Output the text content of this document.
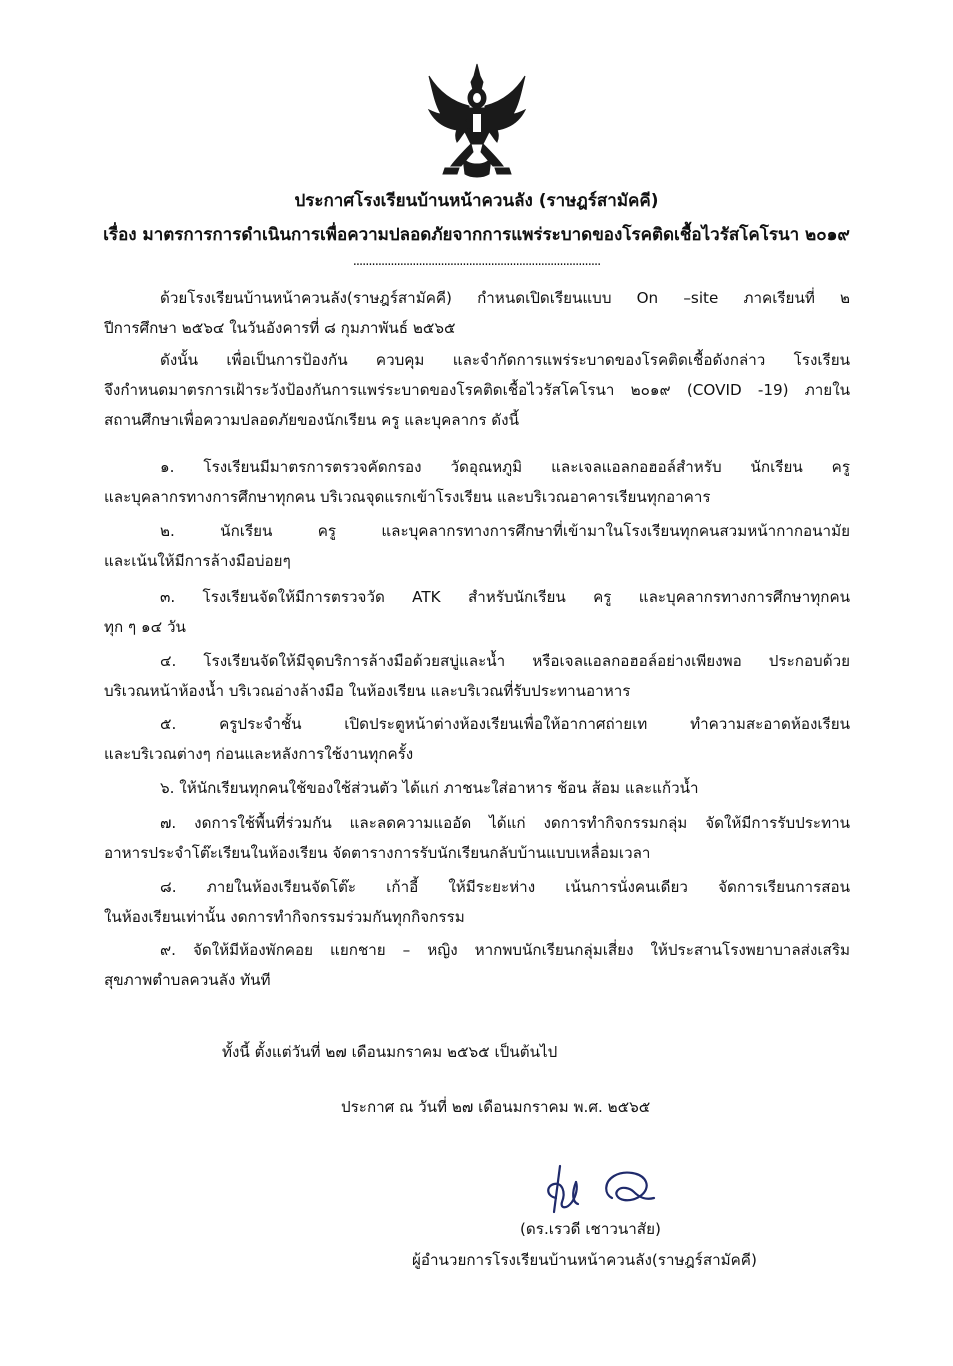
ประกาศโรงเรียนบ้านหน้าควนลัง (ราษฎร์สามัคคี)
เรื่อง มาตรการการดำเนินการเพื่อความปลอดภัยจากการแพร่ระบาดของโรคติดเชื้อไวรัสโคโรนา ๒๐๑๙
...............................................................................
ด้วยโรงเรียนบ้านหน้าควนลัง(ราษฎร์สามัคคี) กำหนดเปิดเรียนแบบ On –site ภาคเรียนที่ ๒
ปีการศึกษา ๒๕๖๔ ในวันอังคารที่ ๘ กุมภาพันธ์ ๒๕๖๕
ดังนั้น เพื่อเป็นการป้องกัน ควบคุม และจำกัดการแพร่ระบาดของโรคติดเชื้อดังกล่าว โรงเรียน
จึงกำหนดมาตรการเฝ้าระวังป้องกันการแพร่ระบาดของโรคติดเชื้อไวรัสโคโรนา ๒๐๑๙ (COVID -19) ภายใน
สถานศึกษาเพื่อความปลอดภัยของนักเรียน ครู และบุคลากร ดังนี้
๑. โรงเรียนมีมาตรการตรวจคัดกรอง วัดอุณหภูมิ และเจลแอลกอฮอล์สำหรับ นักเรียน ครู
และบุคลากรทางการศึกษาทุกคน บริเวณจุดแรกเข้าโรงเรียน และบริเวณอาคารเรียนทุกอาคาร
๒. นักเรียน ครู และบุคลากรทางการศึกษาที่เข้ามาในโรงเรียนทุกคนสวมหน้ากากอนามัย
และเน้นให้มีการล้างมือบ่อยๆ
๓. โรงเรียนจัดให้มีการตรวจวัด ATK สำหรับนักเรียน ครู และบุคลากรทางการศึกษาทุกคน
ทุก ๆ ๑๔ วัน
๔. โรงเรียนจัดให้มีจุดบริการล้างมือด้วยสบู่และน้ำ หรือเจลแอลกอฮอล์อย่างเพียงพอ ประกอบด้วย
บริเวณหน้าห้องน้ำ บริเวณอ่างล้างมือ ในห้องเรียน และบริเวณที่รับประทานอาหาร
๕. ครูประจำชั้น เปิดประตูหน้าต่างห้องเรียนเพื่อให้อากาศถ่ายเท ทำความสะอาดห้องเรียน
และบริเวณต่างๆ ก่อนและหลังการใช้งานทุกครั้ง
๖. ให้นักเรียนทุกคนใช้ของใช้ส่วนตัว ได้แก่ ภาชนะใส่อาหาร ช้อน ส้อม และแก้วน้ำ
๗. งดการใช้พื้นที่ร่วมกัน และลดความแออัด ได้แก่ งดการทำกิจกรรมกลุ่ม จัดให้มีการรับประทาน
อาหารประจำโต๊ะเรียนในห้องเรียน จัดตารางการรับนักเรียนกลับบ้านแบบเหลื่อมเวลา
๘. ภายในห้องเรียนจัดโต๊ะ เก้าอี้ ให้มีระยะห่าง เน้นการนั่งคนเดียว จัดการเรียนการสอน
ในห้องเรียนเท่านั้น งดการทำกิจกรรมร่วมกันทุกกิจกรรม
๙. จัดให้มีห้องพักคอย แยกชาย – หญิง หากพบนักเรียนกลุ่มเสี่ยง ให้ประสานโรงพยาบาลส่งเสริม
สุขภาพตำบลควนลัง ทันที
ทั้งนี้ ตั้งแต่วันที่ ๒๗ เดือนมกราคม ๒๕๖๕ เป็นต้นไป
ประกาศ ณ วันที่ ๒๗ เดือนมกราคม พ.ศ. ๒๕๖๕
(ดร.เรวดี เชาวนาสัย)
ผู้อำนวยการโรงเรียนบ้านหน้าควนลัง(ราษฎร์สามัคคี)
